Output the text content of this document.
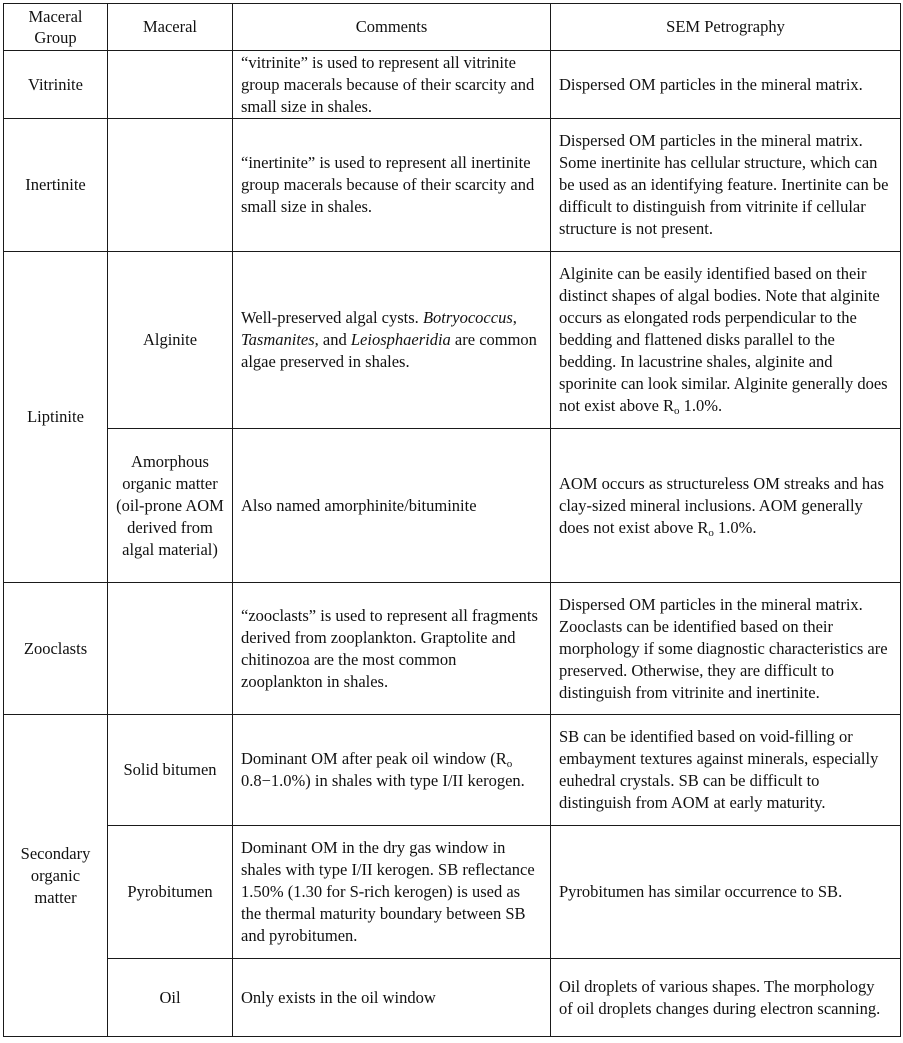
Maceral Group	Maceral	Comments	SEM Petrography
Vitrinite		“vitrinite” is used to represent all vitrinite group macerals because of their scarcity and small size in shales.	Dispersed OM particles in the mineral matrix.
Inertinite		“inertinite” is used to represent all inertinite group macerals because of their scarcity and small size in shales.	Dispersed OM particles in the mineral matrix. Some inertinite has cellular structure, which can be used as an identifying feature. Inertinite can be difficult to distinguish from vitrinite if cellular structure is not present.
Liptinite	Alginite	Well-preserved algal cysts. Botryococcus, Tasmanites, and Leiosphaeridia are common algae preserved in shales.	Alginite can be easily identified based on their distinct shapes of algal bodies. Note that alginite occurs as elongated rods perpendicular to the bedding and flattened disks parallel to the bedding. In lacustrine shales, alginite and sporinite can look similar. Alginite generally does not exist above $R_o$ 1.0%.
	Amorphous organic matter (oil-prone AOM derived from algal material)	Also named amorphinite/bituminite	AOM occurs as structureless OM streaks and has clay-sized mineral inclusions. AOM generally does not exist above $R_o$ 1.0%.
Zooclasts		“zooclasts” is used to represent all fragments derived from zooplankton. Graptolite and chitinozoa are the most common zooplankton in shales.	Dispersed OM particles in the mineral matrix. Zooclasts can be identified based on their morphology if some diagnostic characteristics are preserved. Otherwise, they are difficult to distinguish from vitrinite and inertinite.
Secondary organic matter	Solid bitumen	Dominant OM after peak oil window ($R_o$ 0.8−1.0%) in shales with type I/II kerogen.	SB can be identified based on void-filling or embayment textures against minerals, especially euhedral crystals. SB can be difficult to distinguish from AOM at early maturity.
	Pyrobitumen	Dominant OM in the dry gas window in shales with type I/II kerogen. SB reflectance 1.50% (1.30 for S-rich kerogen) is used as the thermal maturity boundary between SB and pyrobitumen.	Pyrobitumen has similar occurrence to SB.
	Oil	Only exists in the oil window	Oil droplets of various shapes. The morphology of oil droplets changes during electron scanning.
